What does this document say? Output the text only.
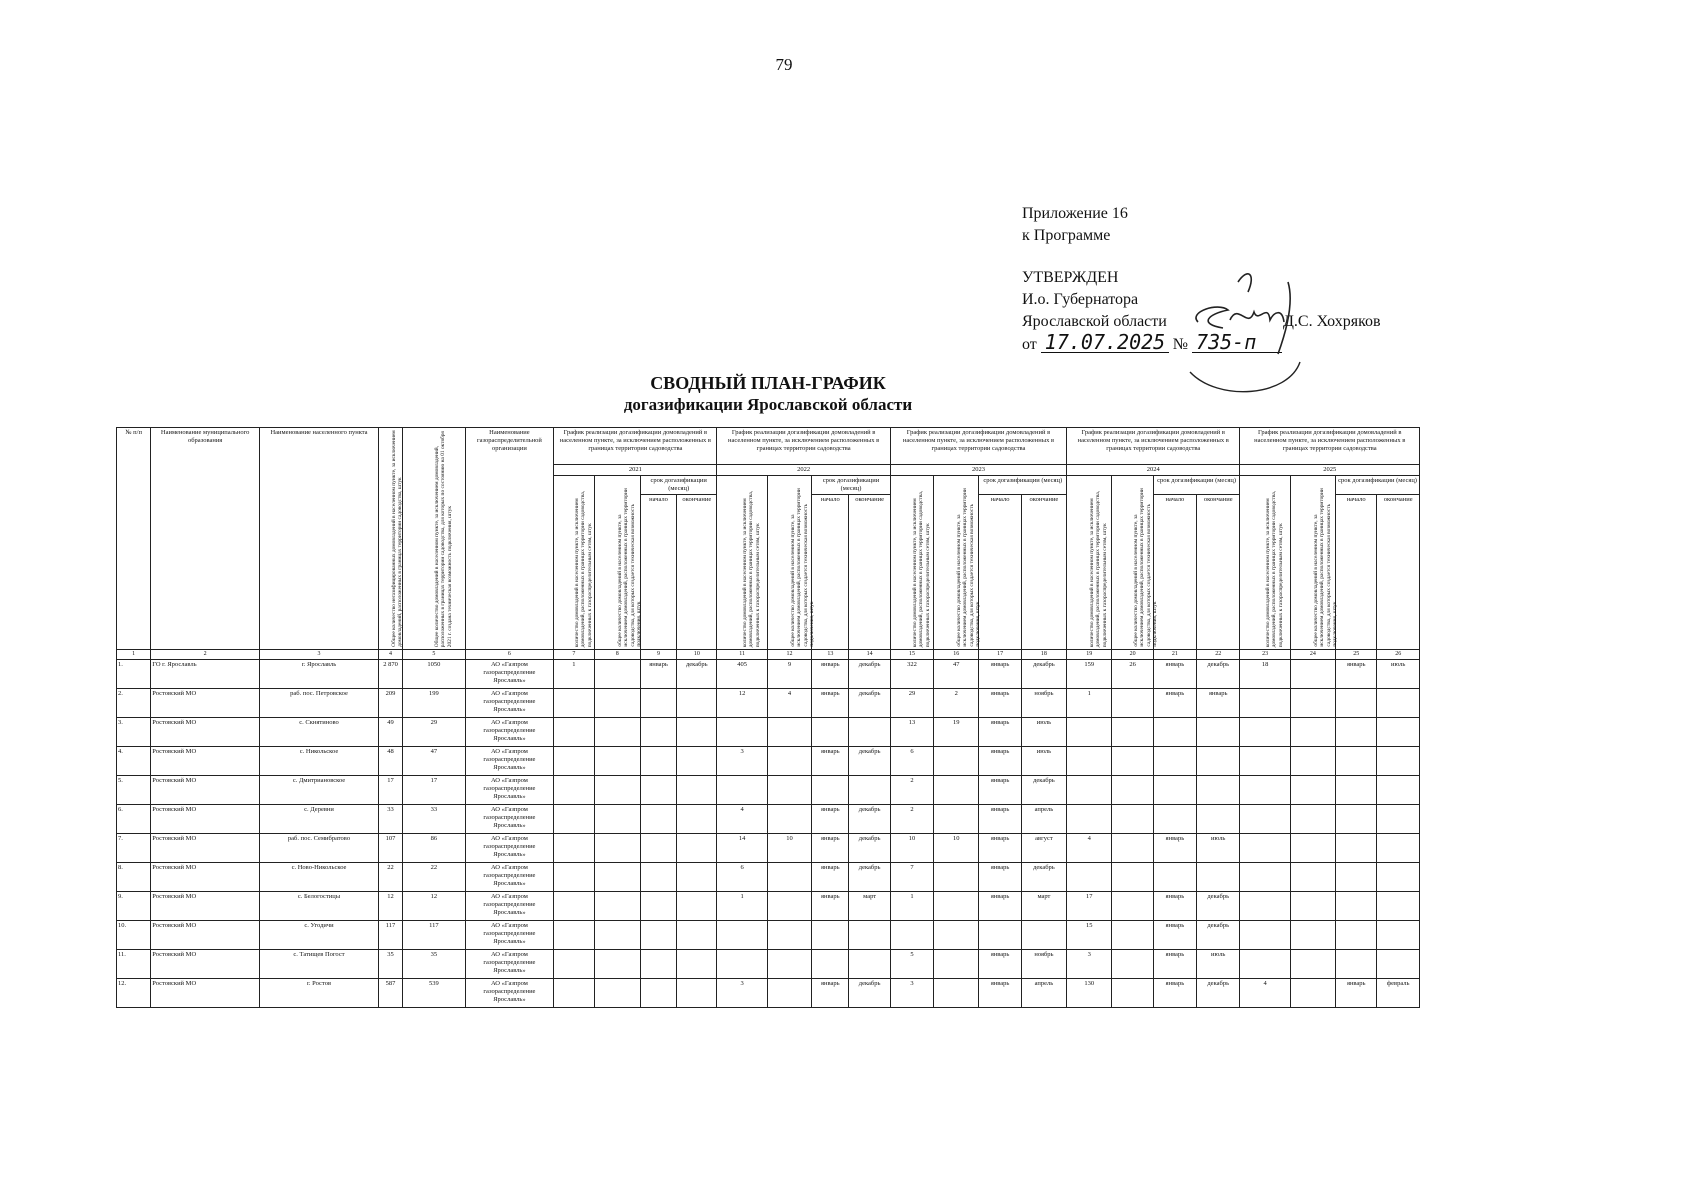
79
Приложение 16
к Программе
УТВЕРЖДЕН
И.о. Губернатора
Ярославской области	Д.С. Хохряков
от 17.07.2025 № 735-п
СВОДНЫЙ ПЛАН-ГРАФИК
догазификации Ярославской области
№ п/п	Наименование муниципального образования	Наименование населенного пункта	Общее количество негазифицированных домовладений в населенном пункте, за исключением домовладений, расположенных в границах территории садоводства, штук	Общее количество домовладений в населенном пункте, за исключением домовладений, расположенных в границах территории садоводства, для которых по состоянию на 01 октября 2021 г. создана техническая возможность подключения, штук	Наименование газораспределительной организации	График реализации догазификации домовладений в населенном пункте, за исключением расположенных в границах территории садоводства				График реализации догазификации домовладений в населенном пункте, за исключением расположенных в границах территории садоводства				График реализации догазификации домовладений в населенном пункте, за исключением расположенных в границах территории садоводства				График реализации догазификации домовладений в населенном пункте, за исключением расположенных в границах территории садоводства				График реализации догазификации домовладений в населенном пункте, за исключением расположенных в границах территории садоводства			
						2021				2022				2023				2024				2025			

						количество домовладений в населенном пункте, за исключением домовладений, расположенных в границах территории садоводства, подключенных к газораспределительным сетям, штук	общее количество домовладений в населенном пункте, за исключением домовладений, расположенных в границах территории садоводства, для которых создается техническая возможность подключения, штук	срок догазификации (месяц)		количество домовладений в населенном пункте, за исключением домовладений, расположенных в границах территории садоводства, подключенных к газораспределительным сетям, штук	общее количество домовладений в населенном пункте, за исключением домовладений, расположенных в границах территории садоводства, для которых создается техническая возможность подключения, штук	срок догазификации (месяц)		количество домовладений в населенном пункте, за исключением домовладений, расположенных в границах территории садоводства, подключенных к газораспределительным сетям, штук	общее количество домовладений в населенном пункте, за исключением домовладений, расположенных в границах территории садоводства, для которых создается техническая возможность подключения, штук	срок догазификации (месяц)		количество домовладений в населенном пункте, за исключением домовладений, расположенных в границах территории садоводства, подключенных к газораспределительным сетям, штук	общее количество домовладений в населенном пункте, за исключением домовладений, расположенных в границах территории садоводства, для которых создается техническая возможность подключения, штук	срок догазификации (месяц)		количество домовладений в населенном пункте, за исключением домовладений, расположенных в границах территории садоводства, подключенных к газораспределительным сетям, штук	общее количество домовладений в населенном пункте, за исключением домовладений, расположенных в границах территории садоводства, для которых создается техническая возможность подключения, штук	срок догазификации (месяц)	
								начало	окончание			начало	окончание			начало	окончание			начало	окончание			начало	окончание
1	2	3	4	5	6	7	8	9	10	11	12	13	14	15	16	17	18	19	20	21	22	23	24	25	26
1.	ГО г. Ярославль	г. Ярославль	2 870	1050	АО «Газпром газораспределение Ярославль»	1		январь	декабрь	405	9	январь	декабрь	322	47	январь	декабрь	159	26	январь	декабрь	18		январь	июль
2.	Ростовский МО	раб. пос. Петровское	209	199	АО «Газпром газораспределение Ярославль»					12	4	январь	декабрь	29	2	январь	ноябрь	1		январь	январь				
3.	Ростовский МО	с. Скнятиново	49	29	АО «Газпром газораспределение Ярославль»									13	19	январь	июль								
4.	Ростовский МО	с. Никольское	48	47	АО «Газпром газораспределение Ярославль»					3		январь	декабрь	6		январь	июль								
5.	Ростовский МО	с. Дмитриановское	17	17	АО «Газпром газораспределение Ярославль»									2		январь	декабрь								
6.	Ростовский МО	с. Деревни	33	33	АО «Газпром газораспределение Ярославль»					4		январь	декабрь	2		январь	апрель								
7.	Ростовский МО	раб. пос. Семибратово	107	86	АО «Газпром газораспределение Ярославль»					14	10	январь	декабрь	10	10	январь	август	4		январь	июль				
8.	Ростовский МО	с. Ново-Никольское	22	22	АО «Газпром газораспределение Ярославль»					6		январь	декабрь	7		январь	декабрь								
9.	Ростовский МО	с. Белогостицы	12	12	АО «Газпром газораспределение Ярославль»					1		январь	март	1		январь	март	17		январь	декабрь				
10.	Ростовский МО	с. Угодичи	117	117	АО «Газпром газораспределение Ярославль»													15		январь	декабрь				
11.	Ростовский МО	с. Татищев Погост	35	35	АО «Газпром газораспределение Ярославль»									5		январь	ноябрь	3		январь	июль				
12.	Ростовский МО	г. Ростов	587	539	АО «Газпром газораспределение Ярославль»					3		январь	декабрь	3		январь	апрель	130		январь	декабрь	4		январь	февраль
